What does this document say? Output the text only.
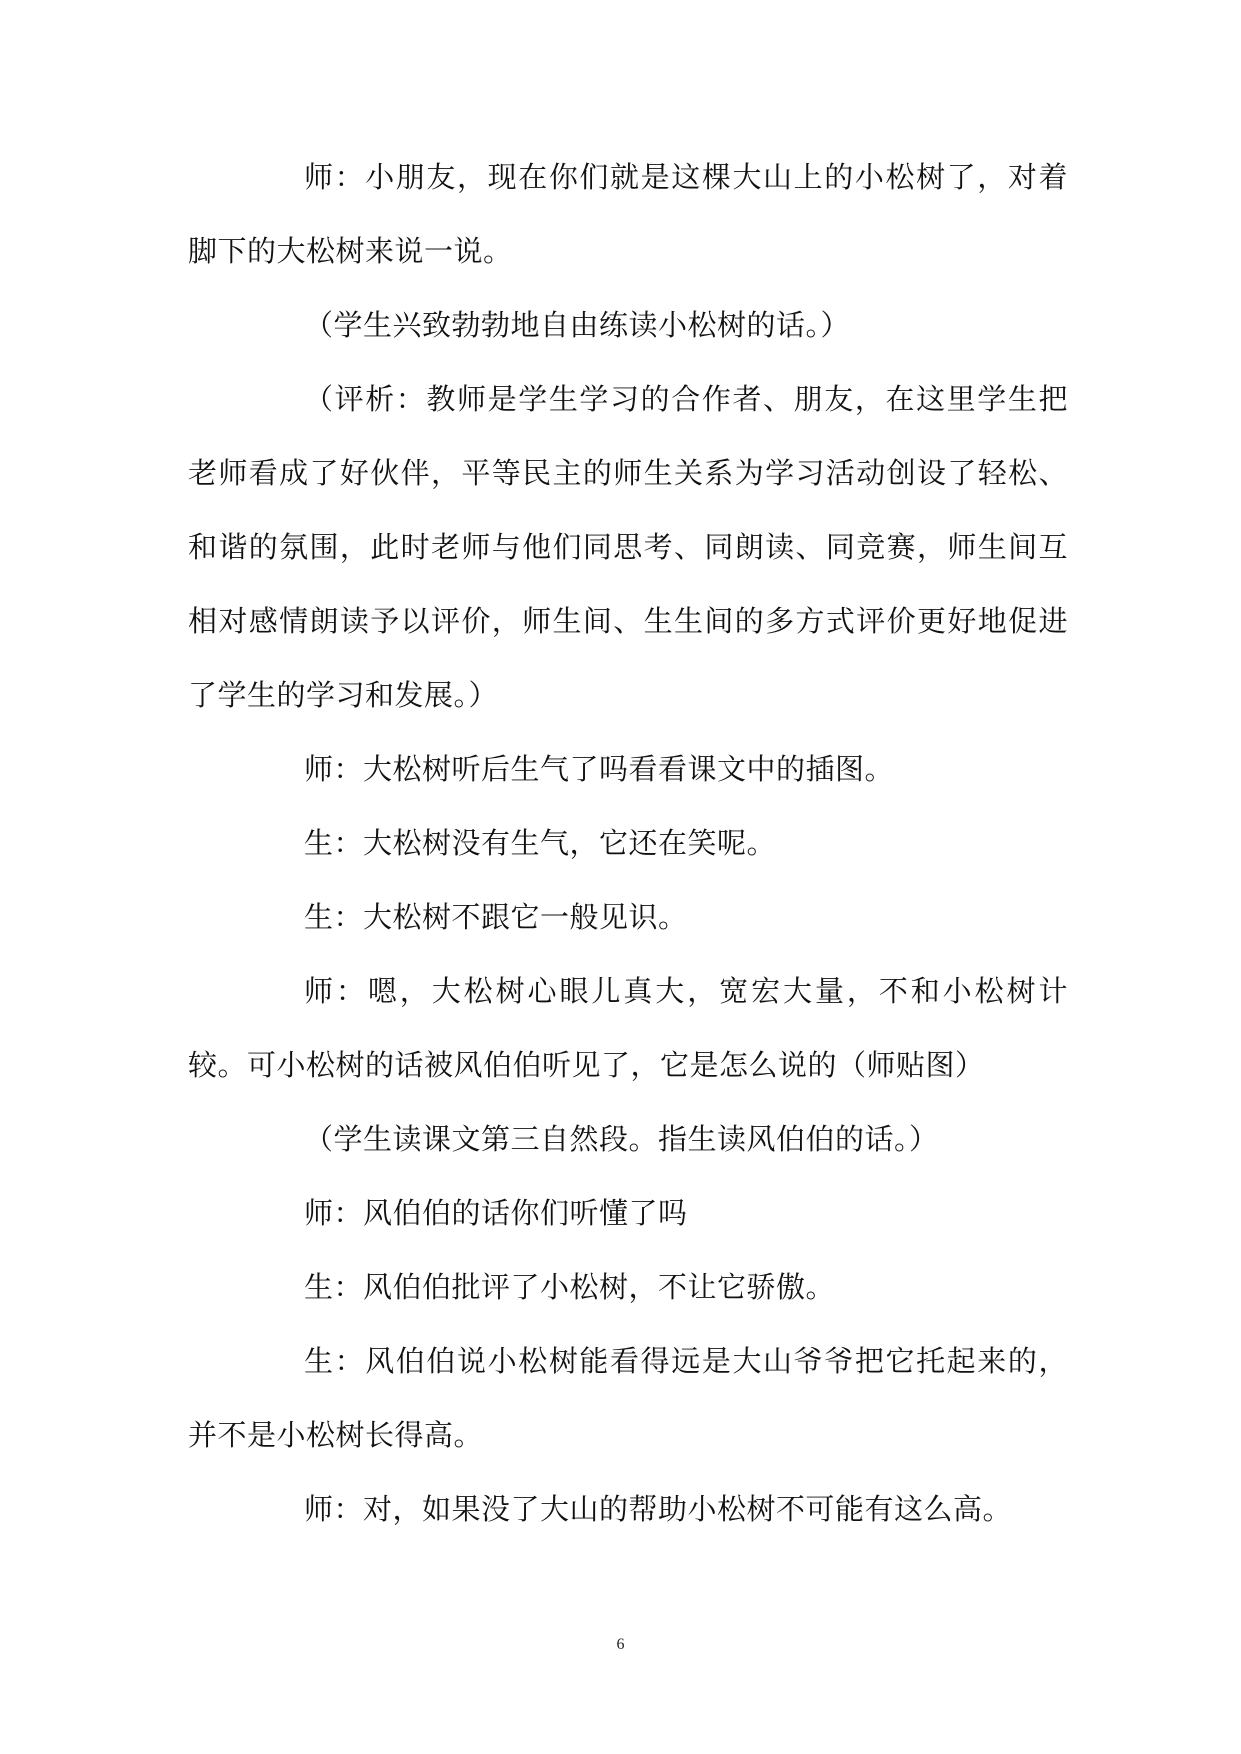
师：小朋友，现在你们就是这棵大山上的小松树了，对着脚下的大松树来说一说。

（学生兴致勃勃地自由练读小松树的话。）

（评析：教师是学生学习的合作者、朋友，在这里学生把老师看成了好伙伴，平等民主的师生关系为学习活动创设了轻松、和谐的氛围，此时老师与他们同思考、同朗读、同竞赛，师生间互相对感情朗读予以评价，师生间、生生间的多方式评价更好地促进了学生的学习和发展。）

师：大松树听后生气了吗看看课文中的插图。

生：大松树没有生气，它还在笑呢。

生：大松树不跟它一般见识。

师：嗯，大松树心眼儿真大，宽宏大量，不和小松树计较。可小松树的话被风伯伯听见了，它是怎么说的（师贴图）

（学生读课文第三自然段。指生读风伯伯的话。）

师：风伯伯的话你们听懂了吗

生：风伯伯批评了小松树，不让它骄傲。

生：风伯伯说小松树能看得远是大山爷爷把它托起来的，并不是小松树长得高。

师：对，如果没了大山的帮助小松树不可能有这么高。

6
